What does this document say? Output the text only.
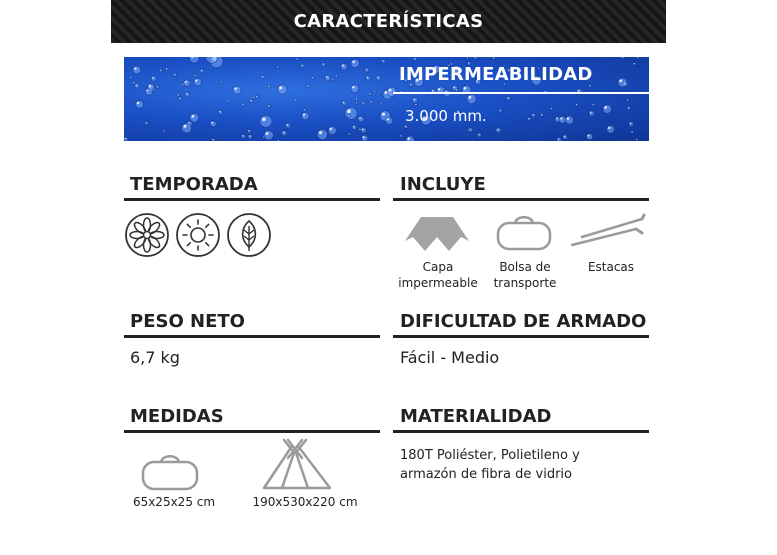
CARACTERÍSTICAS
IMPERMEABILIDAD
3.000 mm.
TEMPORADA	INCLUYE
Capa
impermeable
Bolsa de
transporte
Estacas
PESO NETO
6,7 kg
DIFICULTAD DE ARMADO
Fácil - Medio
MEDIDAS
65x25x25 cm	190x530x220 cm
MATERIALIDAD
180T Poliéster, Polietileno y
armazón de fibra de vidrio
